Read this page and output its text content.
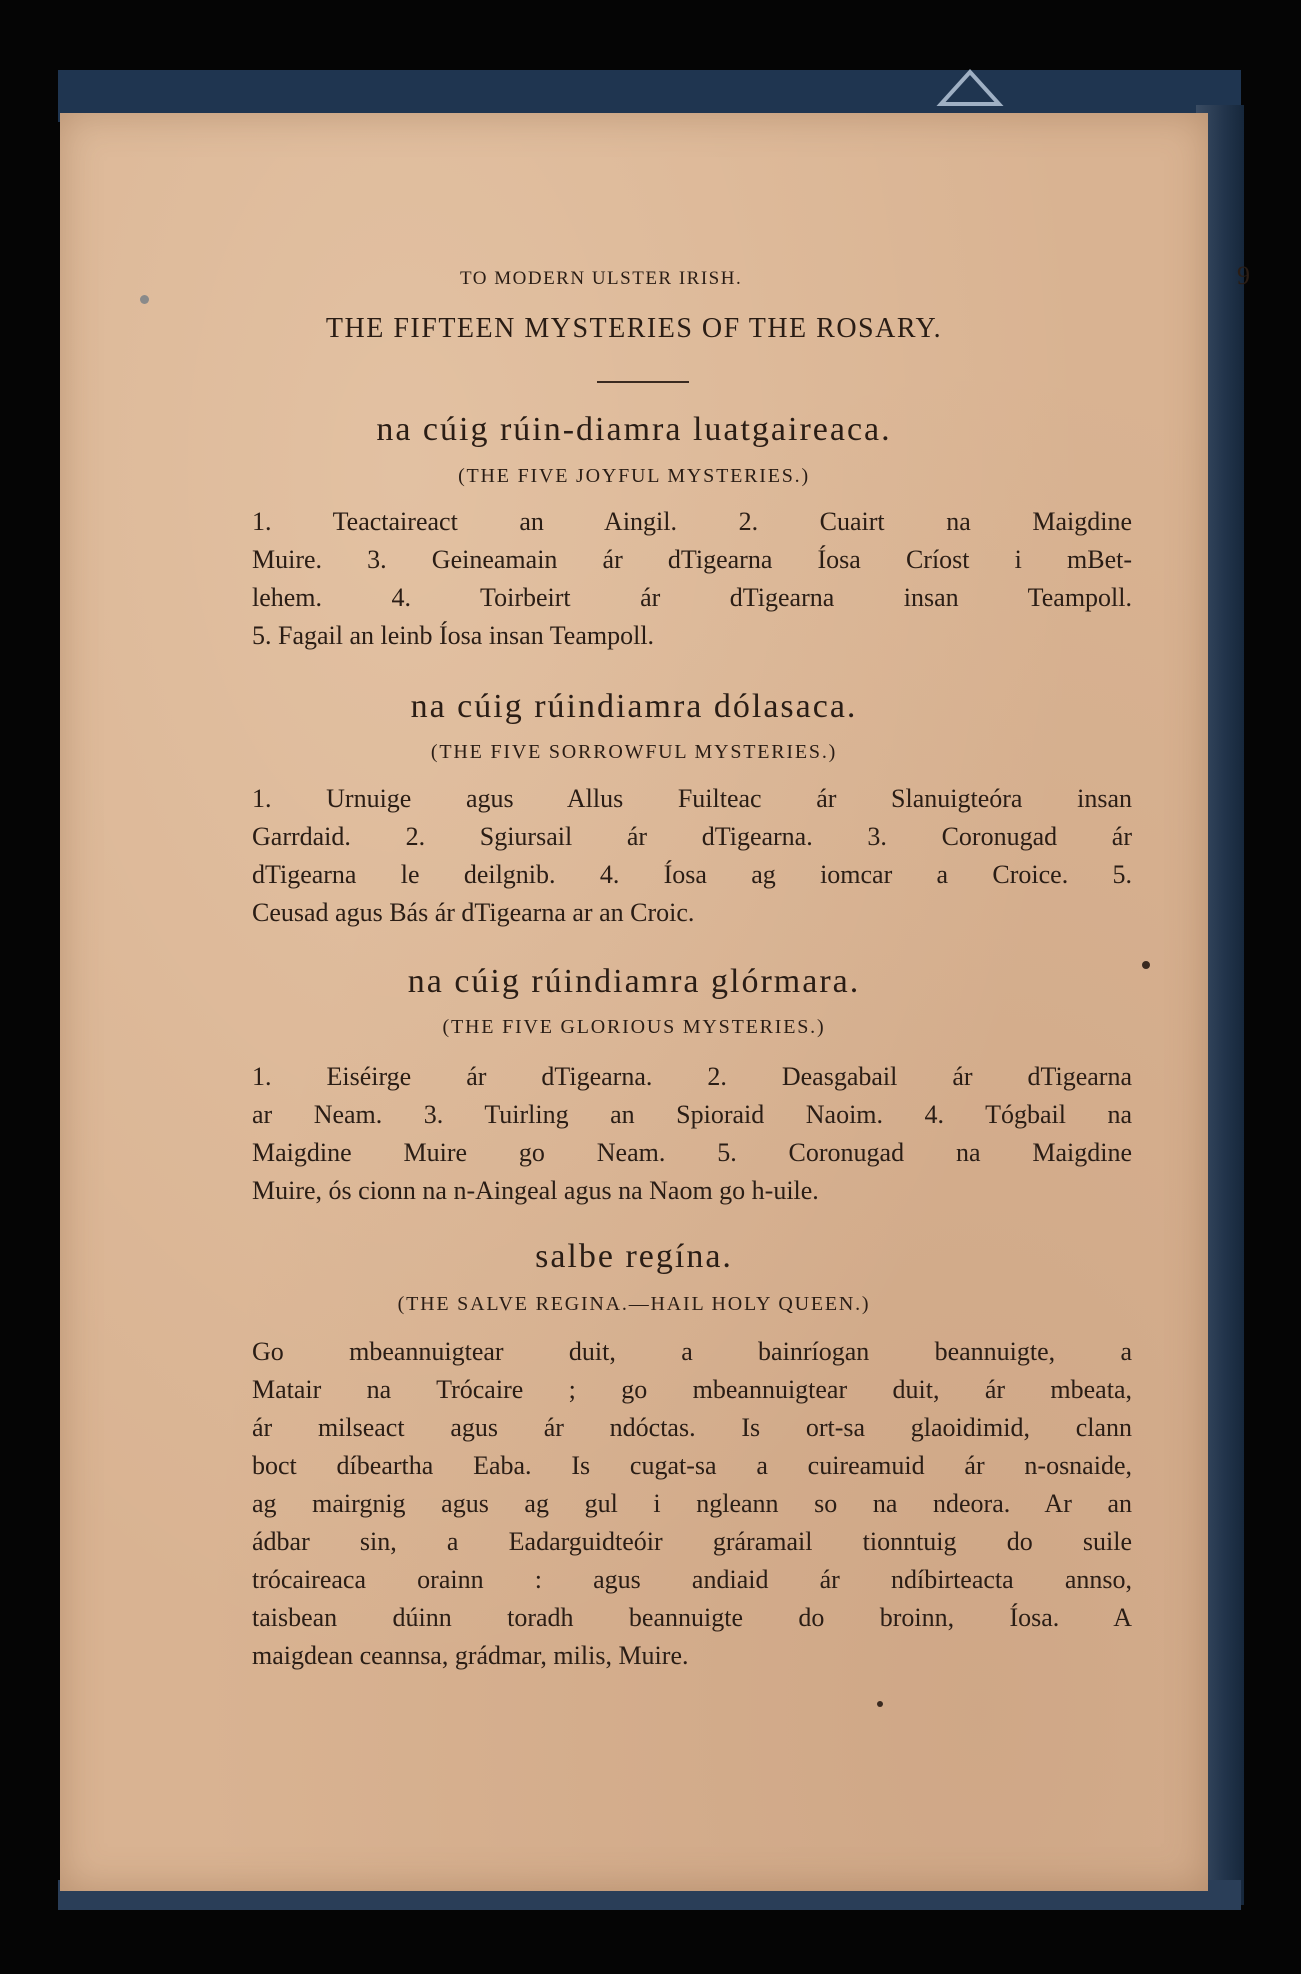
TO MODERN ULSTER IRISH.	9
THE FIFTEEN MYSTERIES OF THE ROSARY.
na cúig rúin-diamra luatgaireaca.
(THE FIVE JOYFUL MYSTERIES.)
1. Teactaireact an Aingil. 2. Cuairt na Maigdine
Muire. 3. Geineamain ár dTigearna Íosa Críost i mBet-
lehem. 4. Toirbeirt ár dTigearna insan Teampoll.
5. Fagail an leinb Íosa insan Teampoll.
na cúig rúindiamra dólasaca.
(THE FIVE SORROWFUL MYSTERIES.)
1. Urnuige agus Allus Fuilteac ár Slanuigteóra insan
Garrdaid. 2. Sgiursail ár dTigearna. 3. Coronugad ár
dTigearna le deilgnib. 4. Íosa ag iomcar a Croice. 5.
Ceusad agus Bás ár dTigearna ar an Croic.
na cúig rúindiamra glórmara.
(THE FIVE GLORIOUS MYSTERIES.)
1. Eiséirge ár dTigearna. 2. Deasgabail ár dTigearna
ar Neam. 3. Tuirling an Spioraid Naoim. 4. Tógbail na
Maigdine Muire go Neam. 5. Coronugad na Maigdine
Muire, ós cionn na n-Aingeal agus na Naom go h-uile.
salbe regína.
(THE SALVE REGINA.—HAIL HOLY QUEEN.)
Go mbeannuigtear duit, a bainríogan beannuigte, a
Matair na Trócaire ; go mbeannuigtear duit, ár mbeata,
ár milseact agus ár ndóctas. Is ort-sa glaoidimid, clann
boct díbeartha Eaba. Is cugat-sa a cuireamuid ár n-osnaide,
ag mairgnig agus ag gul i ngleann so na ndeora. Ar an
ádbar sin, a Eadarguidteóir gráramail tionntuig do suile
trócaireaca orainn : agus andiaid ár ndíbirteacta annso,
taisbean dúinn toradh beannuigte do broinn, Íosa. A
maigdean ceannsa, grádmar, milis, Muire.
